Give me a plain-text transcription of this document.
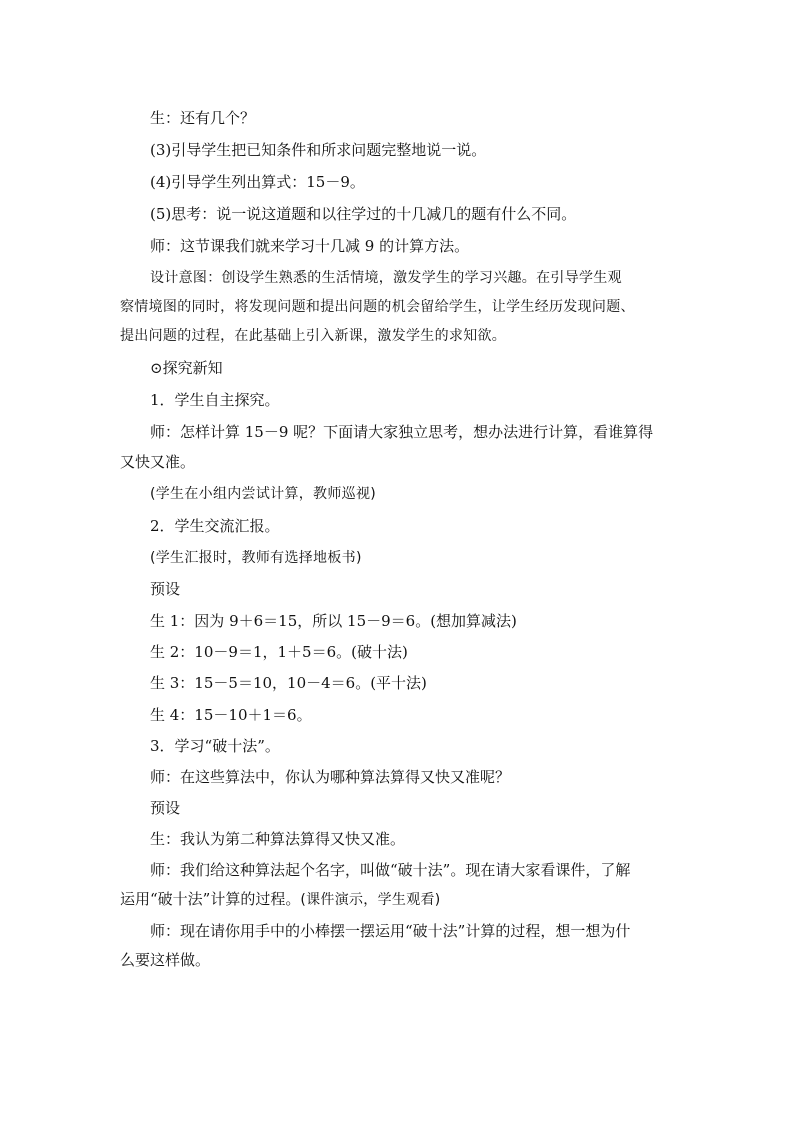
生：还有几个？
(3)引导学生把已知条件和所求问题完整地说一说。
(4)引导学生列出算式：15－9。
(5)思考：说一说这道题和以往学过的十几减几的题有什么不同。
师：这节课我们就来学习十几减 9 的计算方法。
设计意图：创设学生熟悉的生活情境，激发学生的学习兴趣。在引导学生观
察情境图的同时，将发现问题和提出问题的机会留给学生，让学生经历发现问题、
提出问题的过程，在此基础上引入新课，激发学生的求知欲。
⊙探究新知
1．学生自主探究。
师：怎样计算 15－9 呢？下面请大家独立思考，想办法进行计算，看谁算得
又快又准。
(学生在小组内尝试计算，教师巡视)
2．学生交流汇报。
(学生汇报时，教师有选择地板书)
预设
生 1：因为 9＋6＝15，所以 15－9＝6。(想加算减法)
生 2：10－9＝1，1＋5＝6。(破十法)
生 3：15－5＝10，10－4＝6。(平十法)
生 4：15－10＋1＝6。
3．学习“破十法”。
师：在这些算法中，你认为哪种算法算得又快又准呢？
预设
生：我认为第二种算法算得又快又准。
师：我们给这种算法起个名字，叫做“破十法”。现在请大家看课件，了解
运用“破十法”计算的过程。(课件演示，学生观看)
师：现在请你用手中的小棒摆一摆运用“破十法”计算的过程，想一想为什
么要这样做。
